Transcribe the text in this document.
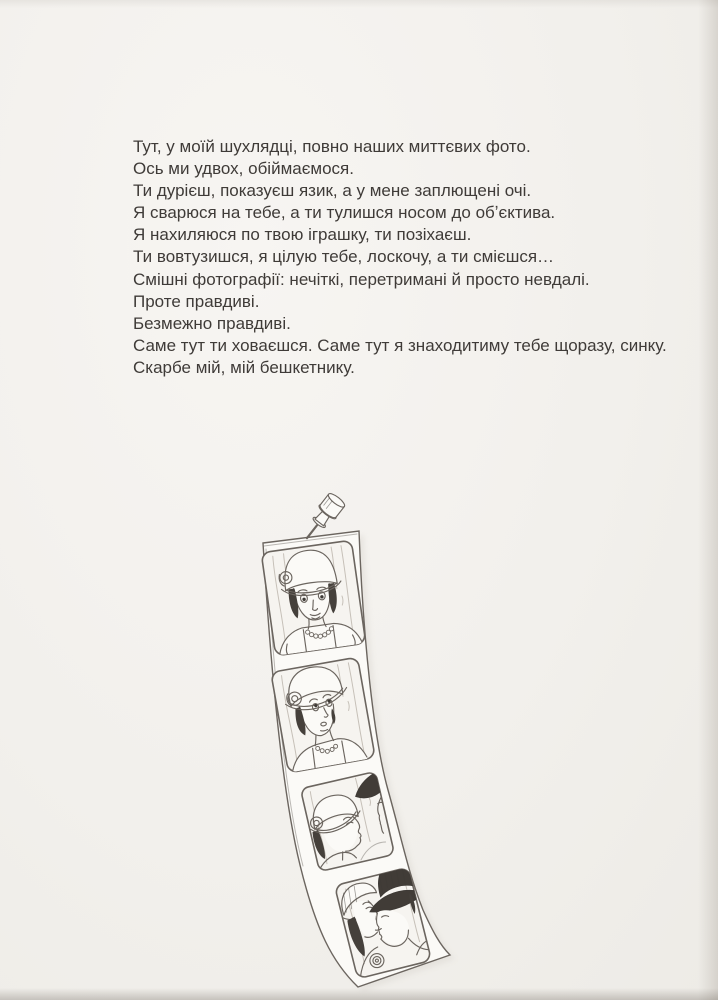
Тут, у моїй шухлядці, повно наших миттєвих фото.

Ось ми удвох, обіймаємося.

Ти дурієш, показуєш язик, а у мене заплющені очі.

Я сварюся на тебе, а ти тулишся носом до обʼєктива.

Я нахиляюся по твою іграшку, ти позіхаєш.

Ти вовтузишся, я цілую тебе, лоскочу, а ти смієшся…

Смішні фотографії: нечіткі, перетримані й просто невдалі.

Проте правдиві.

Безмежно правдиві.

Саме тут ти ховаєшся. Саме тут я знаходитиму тебе щоразу, синку.

Скарбе мій, мій бешкетнику.
